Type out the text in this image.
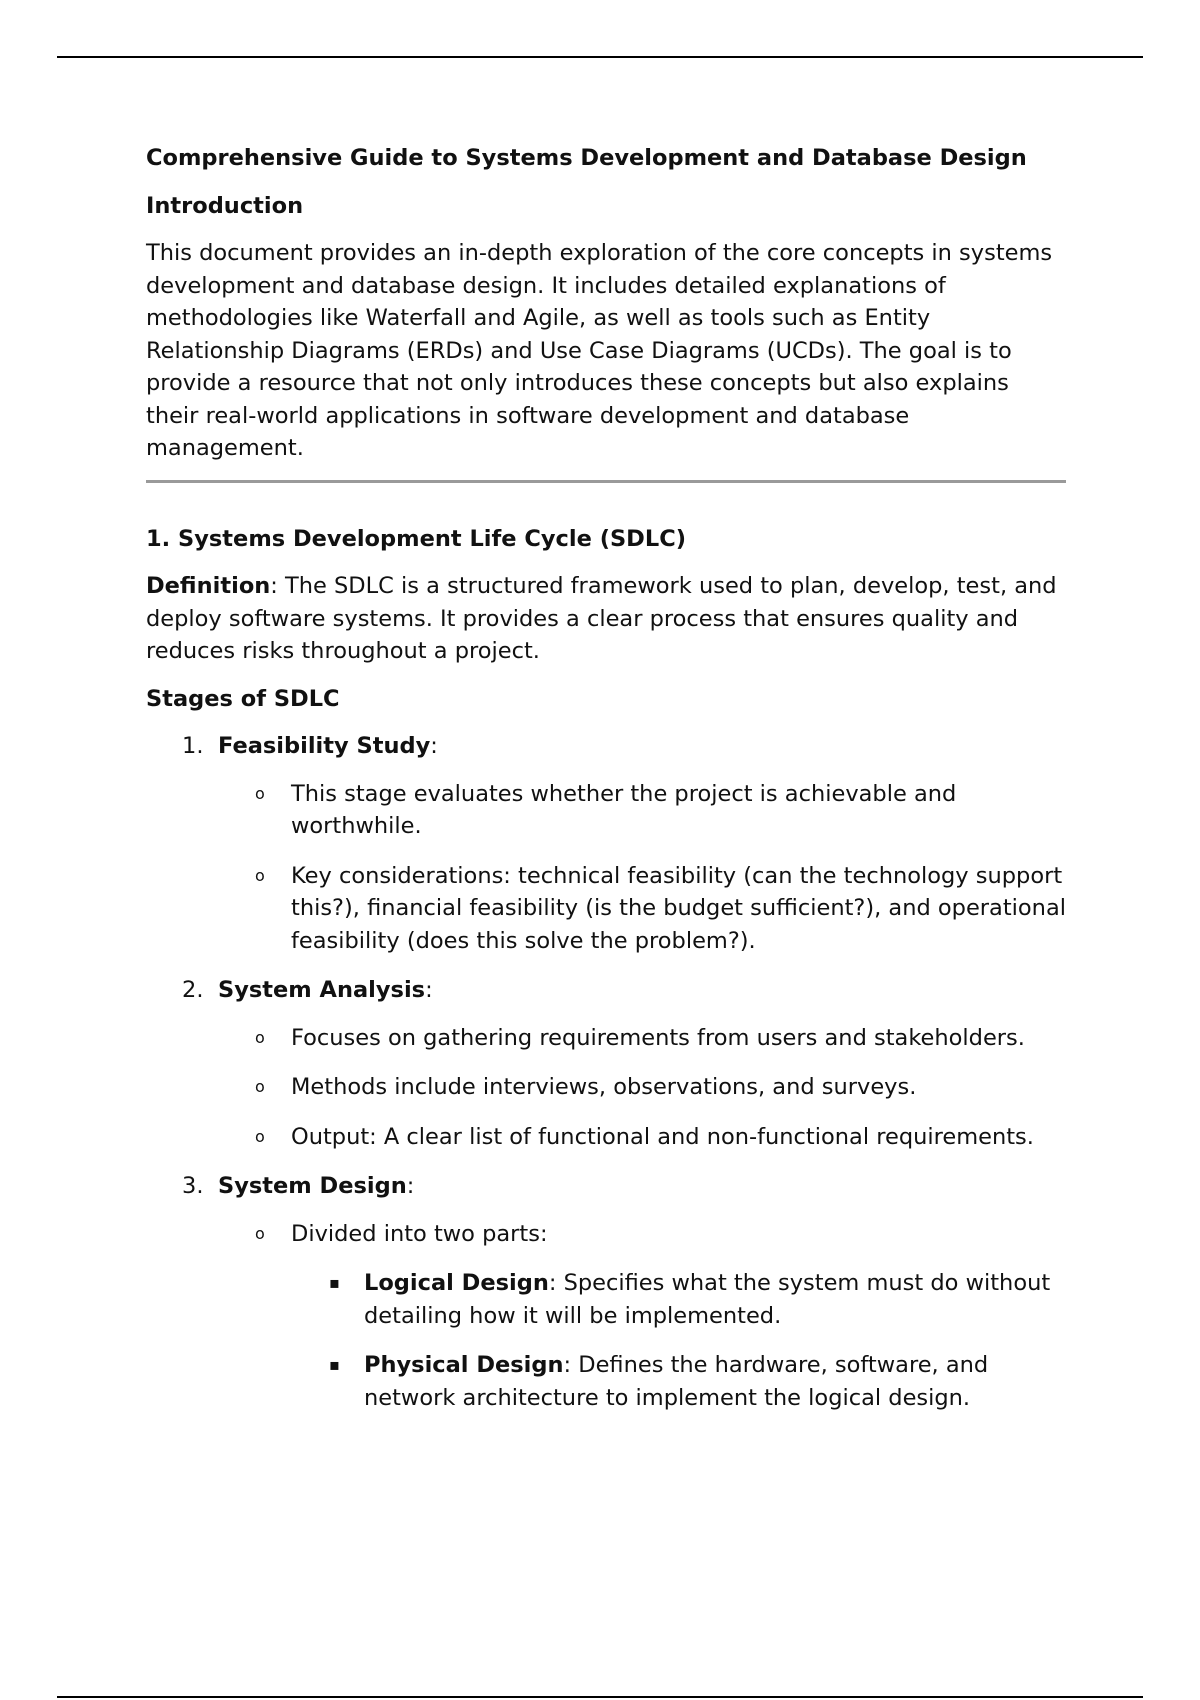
Comprehensive Guide to Systems Development and Database Design
Introduction

This document provides an in-depth exploration of the core concepts in systems development and database design. It includes detailed explanations of methodologies like Waterfall and Agile, as well as tools such as Entity Relationship Diagrams (ERDs) and Use Case Diagrams (UCDs). The goal is to provide a resource that not only introduces these concepts but also explains their real-world applications in software development and database management.

1. Systems Development Life Cycle (SDLC)

Definition: The SDLC is a structured framework used to plan, develop, test, and deploy software systems. It provides a clear process that ensures quality and reduces risks throughout a project.

Stages of SDLC
1. Feasibility Study:
o This stage evaluates whether the project is achievable and worthwhile.
o Key considerations: technical feasibility (can the technology support this?), financial feasibility (is the budget sufficient?), and operational feasibility (does this solve the problem?).
2. System Analysis:
o Focuses on gathering requirements from users and stakeholders.
o Methods include interviews, observations, and surveys.
o Output: A clear list of functional and non-functional requirements.
3. System Design:
o Divided into two parts:
▪ Logical Design: Specifies what the system must do without detailing how it will be implemented.
▪ Physical Design: Defines the hardware, software, and network architecture to implement the logical design.
